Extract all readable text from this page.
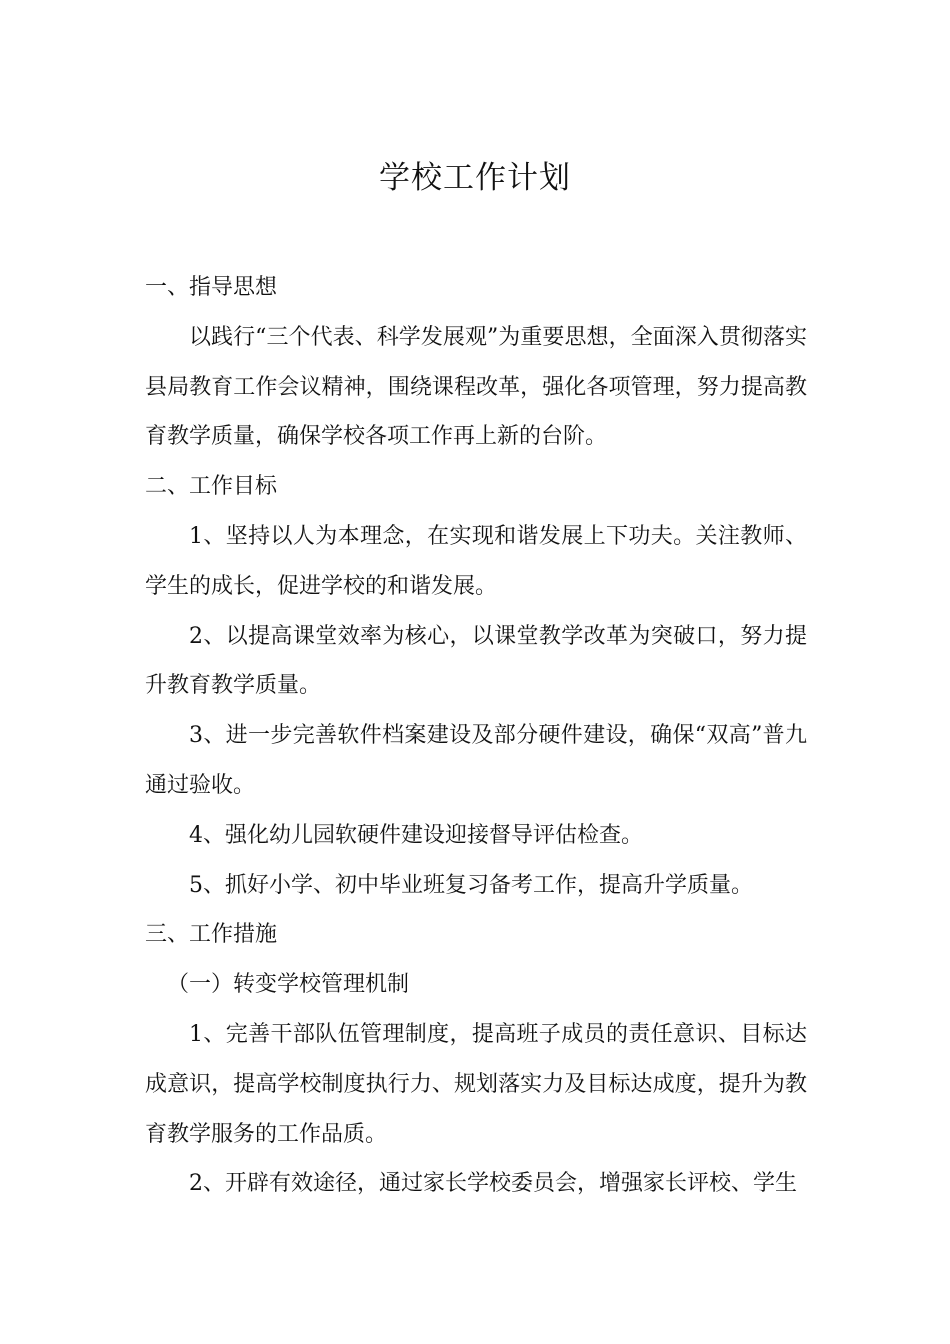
学校工作计划

一、指导思想

以践行“三个代表、科学发展观”为重要思想，全面深入贯彻落实县局教育工作会议精神，围绕课程改革，强化各项管理，努力提高教育教学质量，确保学校各项工作再上新的台阶。

二、工作目标

1、坚持以人为本理念，在实现和谐发展上下功夫。关注教师、学生的成长，促进学校的和谐发展。

2、以提高课堂效率为核心，以课堂教学改革为突破口，努力提升教育教学质量。

3、进一步完善软件档案建设及部分硬件建设，确保“双高”普九通过验收。

4、强化幼儿园软硬件建设迎接督导评估检查。

5、抓好小学、初中毕业班复习备考工作，提高升学质量。

三、工作措施

（一）转变学校管理机制

1、完善干部队伍管理制度，提高班子成员的责任意识、目标达成意识，提高学校制度执行力、规划落实力及目标达成度，提升为教育教学服务的工作品质。

2、开辟有效途径，通过家长学校委员会，增强家长评校、学生
